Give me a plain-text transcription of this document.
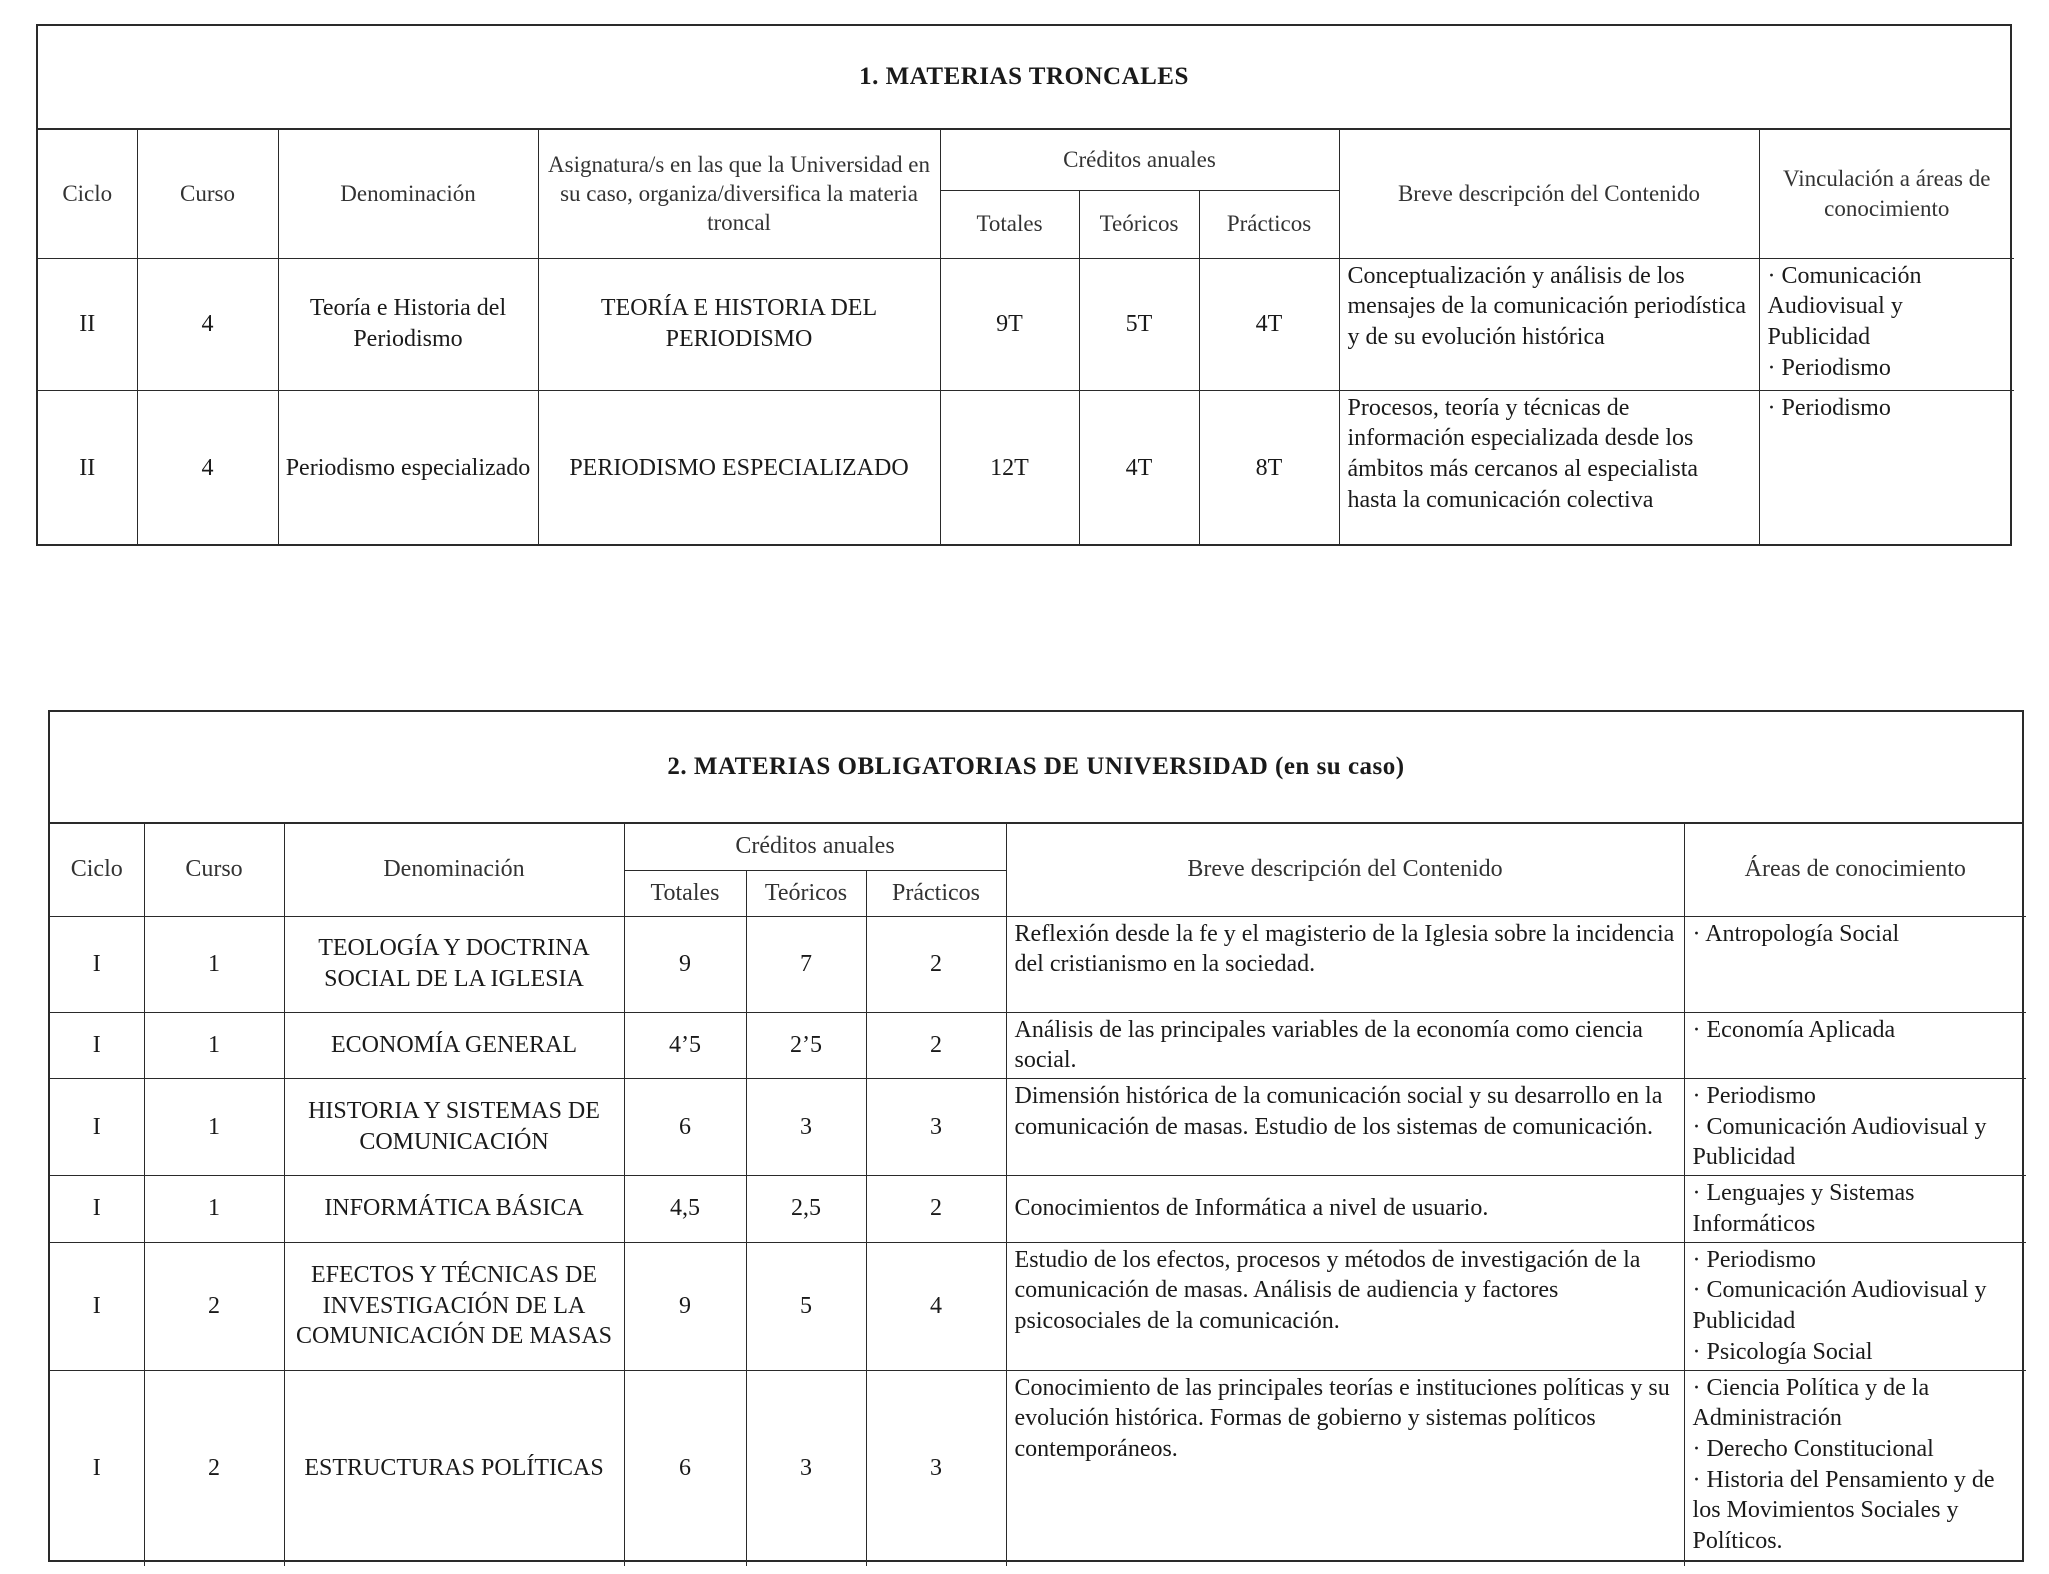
1. MATERIAS TRONCALES
Ciclo	Curso	Denominación	Asignatura/s en las que la Universidad en su caso, organiza/diversifica la materia troncal	Créditos anuales			Breve descripción del Contenido	Vinculación a áreas de conocimiento
				Totales	Teóricos	Prácticos		
II	4	Teoría e Historia del Periodismo	TEORÍA E HISTORIA DEL PERIODISMO	9T	5T	4T	Conceptualización y análisis de los mensajes de la comunicación periodística y de su evolución histórica	· Comunicación Audiovisual y Publicidad
· Periodismo

II	4	Periodismo especializado	PERIODISMO ESPECIALIZADO	12T	4T	8T	Procesos, teoría y técnicas de información especializada desde los ámbitos más cercanos al especialista hasta la comunicación colectiva	· Periodismo
2. MATERIAS OBLIGATORIAS DE UNIVERSIDAD (en su caso)
Ciclo	Curso	Denominación	Créditos anuales			Breve descripción del Contenido	Áreas de conocimiento
			Totales	Teóricos	Prácticos		
I	1	TEOLOGÍA Y DOCTRINA SOCIAL DE LA IGLESIA	9	7	2	Reflexión desde la fe y el magisterio de la Iglesia sobre la incidencia del cristianismo en la sociedad.	· Antropología Social

I	1	ECONOMÍA GENERAL	4’5	2’5	2	Análisis de las principales variables de la economía como ciencia social.	· Economía Aplicada

I	1	HISTORIA Y SISTEMAS DE COMUNICACIÓN	6	3	3	Dimensión histórica de la comunicación social y su desarrollo en la comunicación de masas. Estudio de los sistemas de comunicación.	· Periodismo
· Comunicación Audiovisual y Publicidad

I	1	INFORMÁTICA BÁSICA	4,5	2,5	2	Conocimientos de Informática a nivel de usuario.	· Lenguajes y Sistemas Informáticos

I	2	EFECTOS Y TÉCNICAS DE INVESTIGACIÓN DE LA COMUNICACIÓN DE MASAS	9	5	4	Estudio de los efectos, procesos y métodos de investigación de la comunicación de masas. Análisis de audiencia y factores psicosociales de la comunicación.	· Periodismo
· Comunicación Audiovisual y Publicidad
· Psicología Social

I	2	ESTRUCTURAS POLÍTICAS	6	3	3	Conocimiento de las principales teorías e instituciones políticas y su evolución histórica. Formas de gobierno y sistemas políticos contemporáneos.	· Ciencia Política y de la Administración
· Derecho Constitucional
· Historia del Pensamiento y de los Movimientos Sociales y Políticos.
